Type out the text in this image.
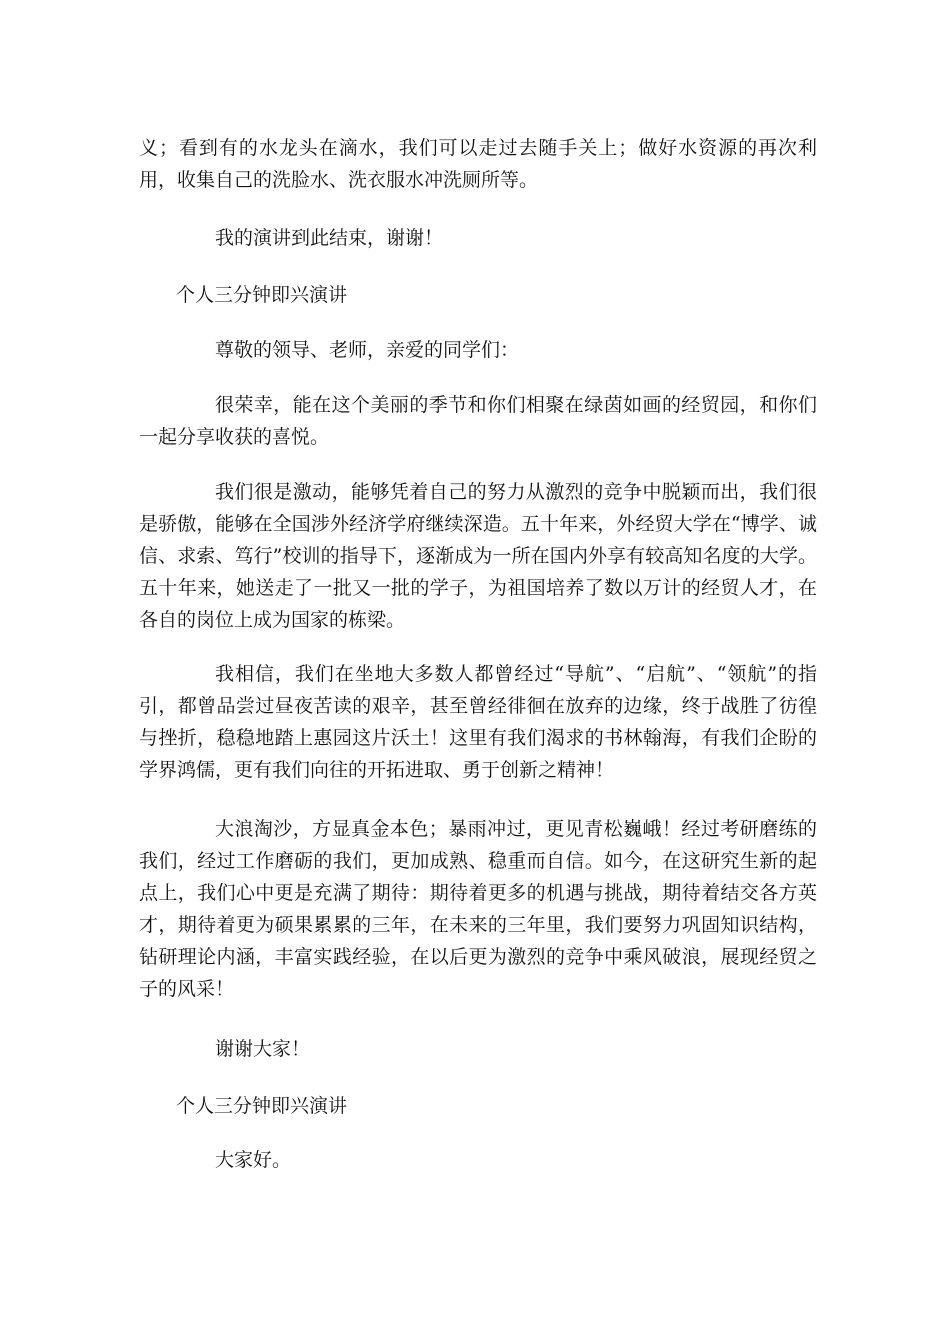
义；看到有的水龙头在滴水，我们可以走过去随手关上；做好水资源的再次利用，收集自己的洗脸水、洗衣服水冲洗厕所等。

我的演讲到此结束，谢谢！

个人三分钟即兴演讲

尊敬的领导、老师，亲爱的同学们：

很荣幸，能在这个美丽的季节和你们相聚在绿茵如画的经贸园，和你们一起分享收获的喜悦。

我们很是激动，能够凭着自己的努力从激烈的竞争中脱颖而出，我们很是骄傲，能够在全国涉外经济学府继续深造。五十年来，外经贸大学在“博学、诚信、求索、笃行”校训的指导下，逐渐成为一所在国内外享有较高知名度的大学。五十年来，她送走了一批又一批的学子，为祖国培养了数以万计的经贸人才，在各自的岗位上成为国家的栋梁。

我相信，我们在坐地大多数人都曾经过“导航”、“启航”、“领航”的指引，都曾品尝过昼夜苦读的艰辛，甚至曾经徘徊在放弃的边缘，终于战胜了彷徨与挫折，稳稳地踏上惠园这片沃土！这里有我们渴求的书林翰海，有我们企盼的学界鸿儒，更有我们向往的开拓进取、勇于创新之精神！

大浪淘沙，方显真金本色；暴雨冲过，更见青松巍峨！经过考研磨练的我们，经过工作磨砺的我们，更加成熟、稳重而自信。如今，在这研究生新的起点上，我们心中更是充满了期待：期待着更多的机遇与挑战，期待着结交各方英才，期待着更为硕果累累的三年，在未来的三年里，我们要努力巩固知识结构，钻研理论内涵，丰富实践经验，在以后更为激烈的竞争中乘风破浪，展现经贸之子的风采！

谢谢大家！

个人三分钟即兴演讲

大家好。
